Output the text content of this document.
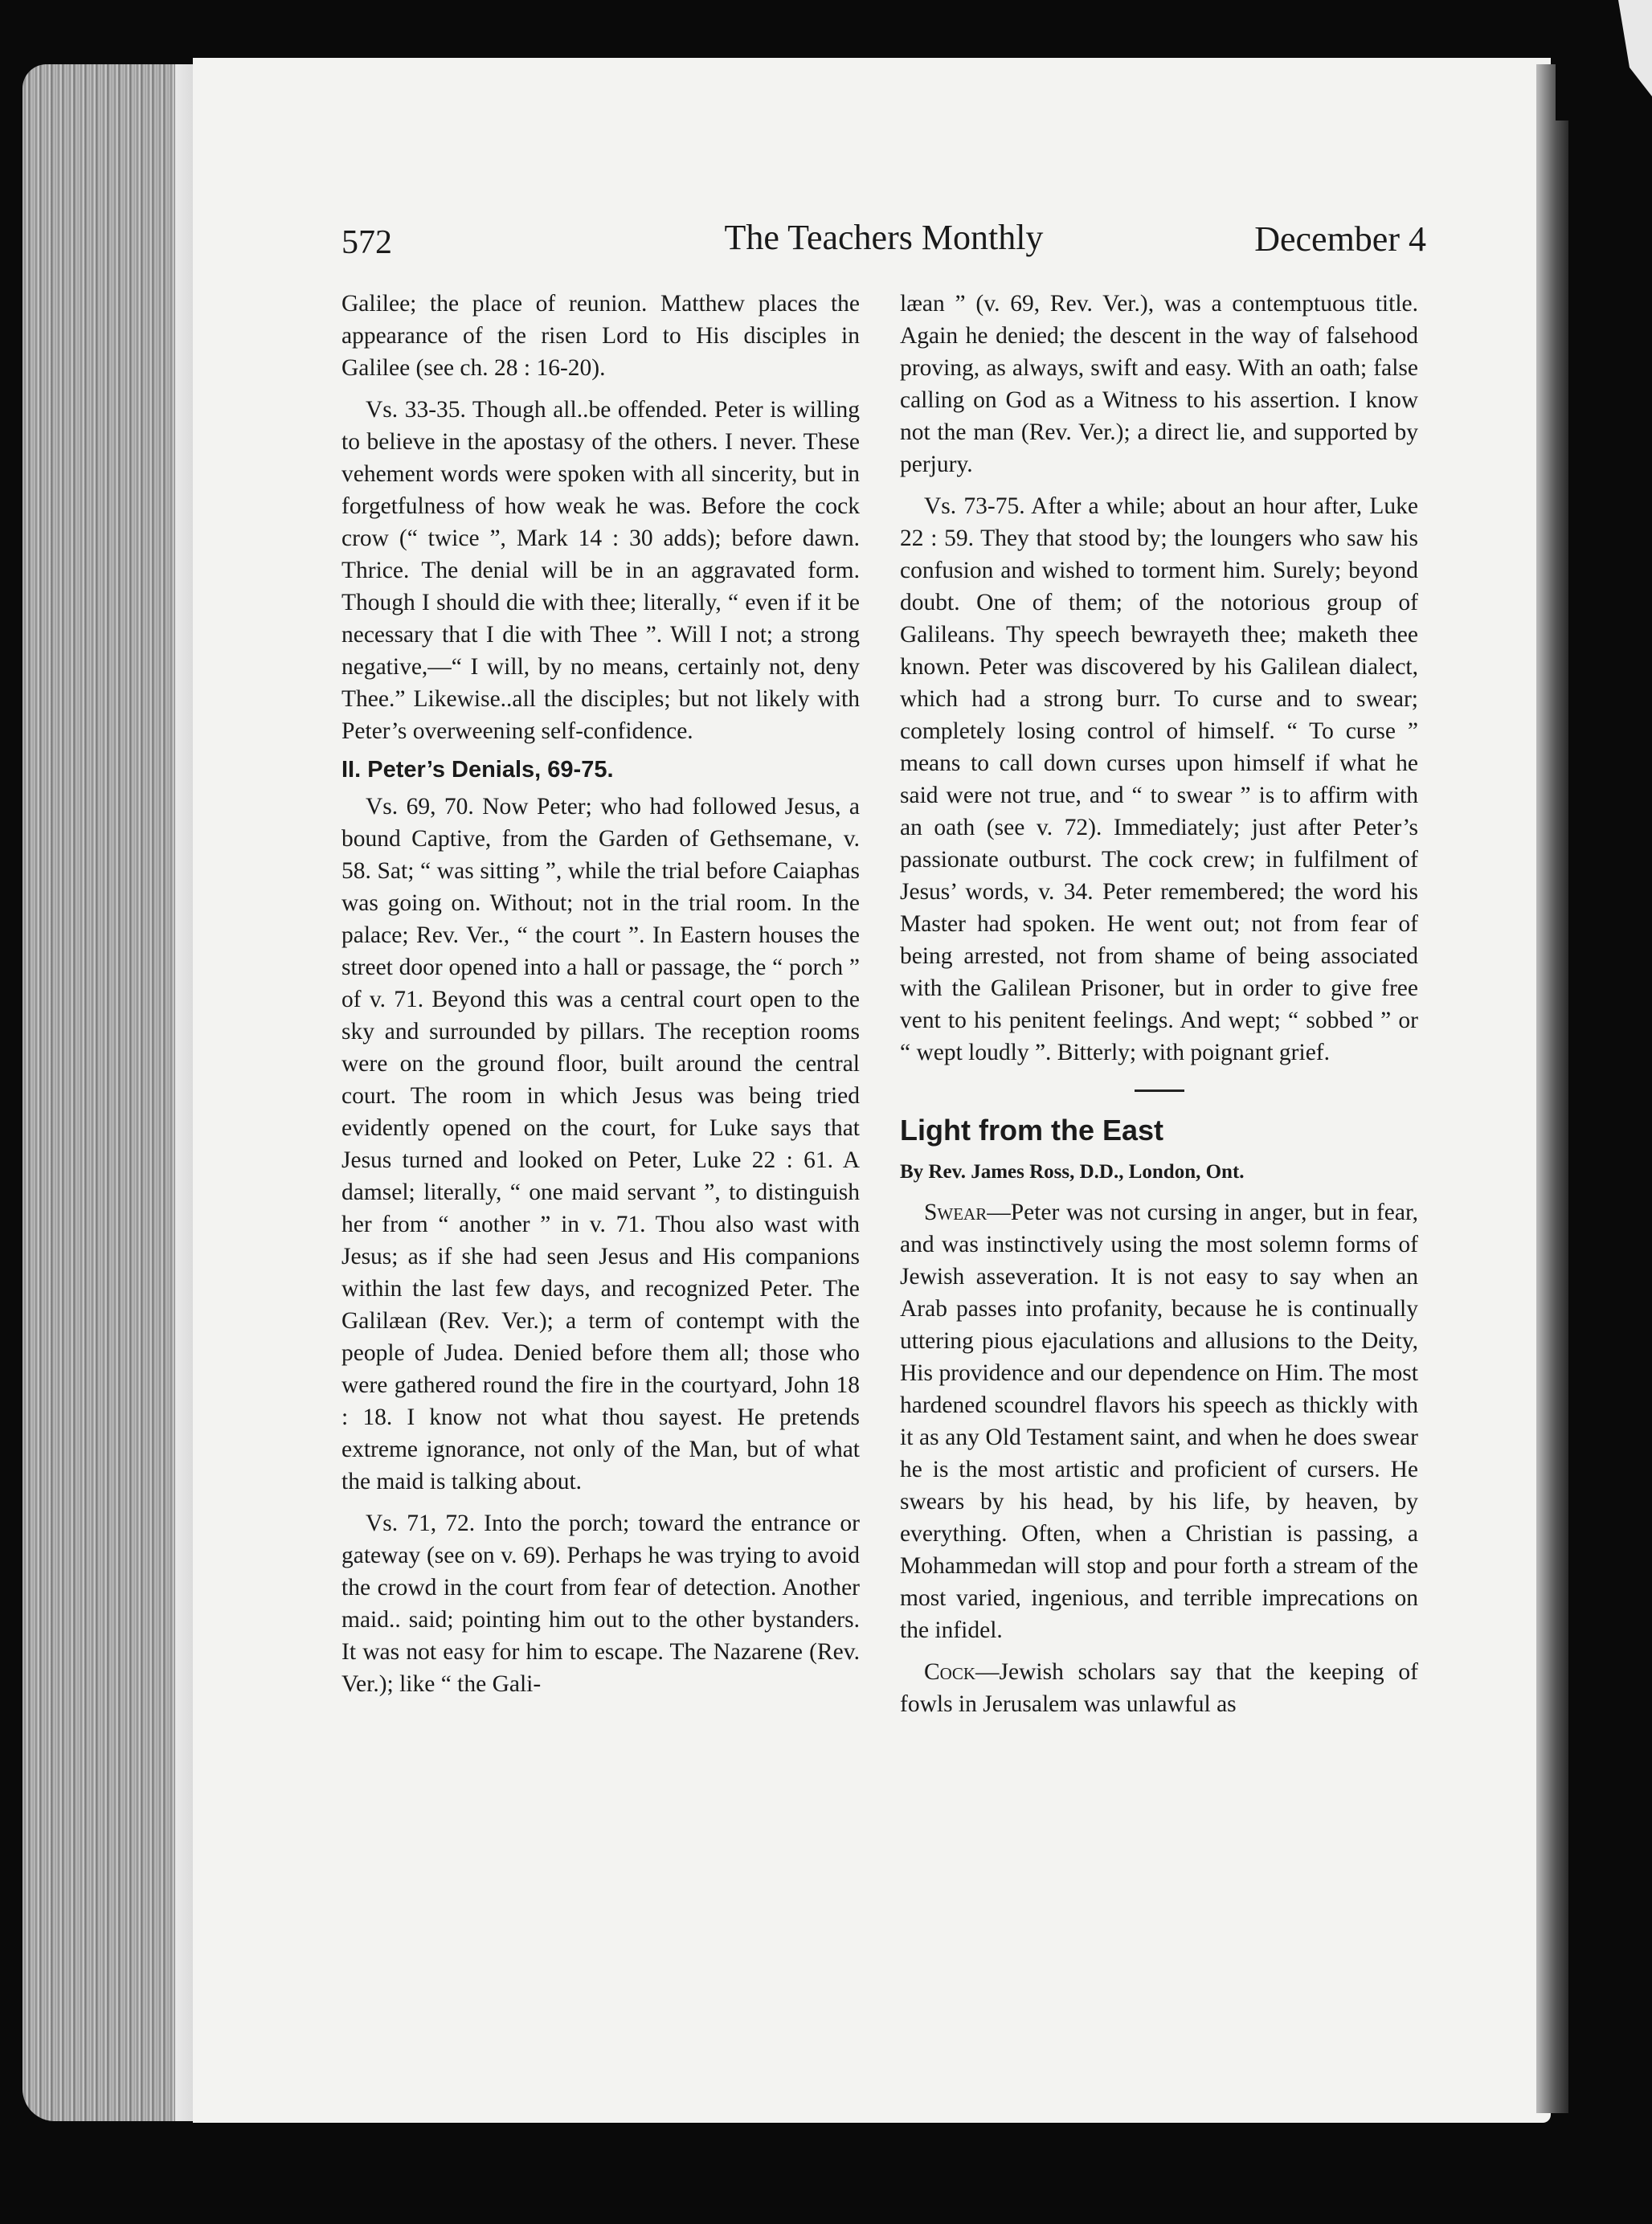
572	The Teachers Monthly	December 4

Galilee; the place of reunion. Matthew places the appearance of the risen Lord to His disciples in Galilee (see ch. 28 : 16-20).

Vs. 33-35. Though all..be offended. Peter is willing to believe in the apostasy of the others. I never. These vehement words were spoken with all sincerity, but in forgetfulness of how weak he was. Before the cock crow (“ twice ”, Mark 14 : 30 adds); before dawn. Thrice. The denial will be in an aggravated form. Though I should die with thee; literally, “ even if it be necessary that I die with Thee ”. Will I not; a strong negative,—“ I will, by no means, certainly not, deny Thee.” Likewise..all the disciples; but not likely with Peter’s overweening self-confidence.

II. Peter’s Denials, 69-75.

Vs. 69, 70. Now Peter; who had followed Jesus, a bound Captive, from the Garden of Gethsemane, v. 58. Sat; “ was sitting ”, while the trial before Caiaphas was going on. Without; not in the trial room. In the palace; Rev. Ver., “ the court ”. In Eastern houses the street door opened into a hall or passage, the “ porch ” of v. 71. Beyond this was a central court open to the sky and surrounded by pillars. The reception rooms were on the ground floor, built around the central court. The room in which Jesus was being tried evidently opened on the court, for Luke says that Jesus turned and looked on Peter, Luke 22 : 61. A damsel; literally, “ one maid servant ”, to distinguish her from “ another ” in v. 71. Thou also wast with Jesus; as if she had seen Jesus and His companions within the last few days, and recognized Peter. The Galilæan (Rev. Ver.); a term of contempt with the people of Judea. Denied before them all; those who were gathered round the fire in the courtyard, John 18 : 18. I know not what thou sayest. He pretends extreme ignorance, not only of the Man, but of what the maid is talking about.

Vs. 71, 72. Into the porch; toward the entrance or gateway (see on v. 69). Perhaps he was trying to avoid the crowd in the court from fear of detection. Another maid.. said; pointing him out to the other bystanders. It was not easy for him to escape. The Nazarene (Rev. Ver.); like “ the Gali-

læan ” (v. 69, Rev. Ver.), was a contemptuous title. Again he denied; the descent in the way of falsehood proving, as always, swift and easy. With an oath; false calling on God as a Witness to his assertion. I know not the man (Rev. Ver.); a direct lie, and supported by perjury.

Vs. 73-75. After a while; about an hour after, Luke 22 : 59. They that stood by; the loungers who saw his confusion and wished to torment him. Surely; beyond doubt. One of them; of the notorious group of Galileans. Thy speech bewrayeth thee; maketh thee known. Peter was discovered by his Galilean dialect, which had a strong burr. To curse and to swear; completely losing control of himself. “ To curse ” means to call down curses upon himself if what he said were not true, and “ to swear ” is to affirm with an oath (see v. 72). Immediately; just after Peter’s passionate outburst. The cock crew; in fulfilment of Jesus’ words, v. 34. Peter remembered; the word his Master had spoken. He went out; not from fear of being arrested, not from shame of being associated with the Galilean Prisoner, but in order to give free vent to his penitent feelings. And wept; “ sobbed ” or “ wept loudly ”. Bitterly; with poignant grief.

Light from the East

By Rev. James Ross, D.D., London, Ont.

Swear—Peter was not cursing in anger, but in fear, and was instinctively using the most solemn forms of Jewish asseveration. It is not easy to say when an Arab passes into profanity, because he is continually uttering pious ejaculations and allusions to the Deity, His providence and our dependence on Him. The most hardened scoundrel flavors his speech as thickly with it as any Old Testament saint, and when he does swear he is the most artistic and proficient of cursers. He swears by his head, by his life, by heaven, by everything. Often, when a Christian is passing, a Mohammedan will stop and pour forth a stream of the most varied, ingenious, and terrible imprecations on the infidel.

Cock—Jewish scholars say that the keeping of fowls in Jerusalem was unlawful as
